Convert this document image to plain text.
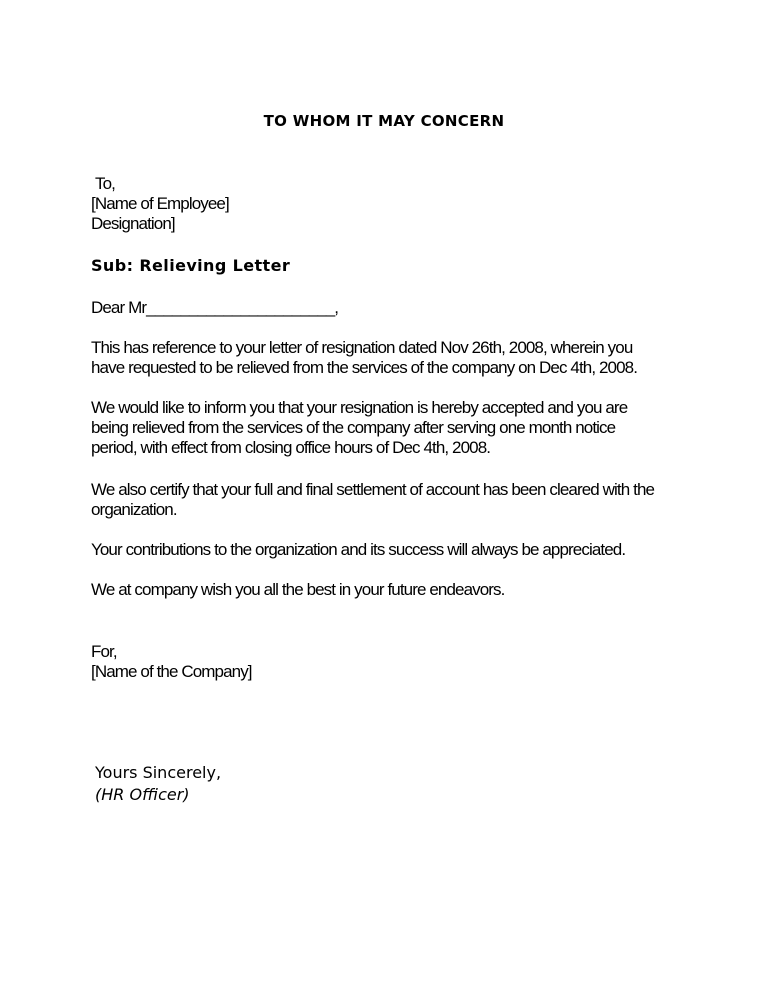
TO WHOM IT MAY CONCERN
To,
[Name of Employee]
Designation]
Sub: Relieving Letter
Dear Mr______________________,
This has reference to your letter of resignation dated Nov 26th, 2008, wherein you
have requested to be relieved from the services of the company on Dec 4th, 2008.
We would like to inform you that your resignation is hereby accepted and you are
being relieved from the services of the company after serving one month notice
period, with effect from closing office hours of Dec 4th, 2008.
We also certify that your full and final settlement of account has been cleared with the
organization.
Your contributions to the organization and its success will always be appreciated.
We at company wish you all the best in your future endeavors.
For,
[Name of the Company]
Yours Sincerely,
(HR Officer)
